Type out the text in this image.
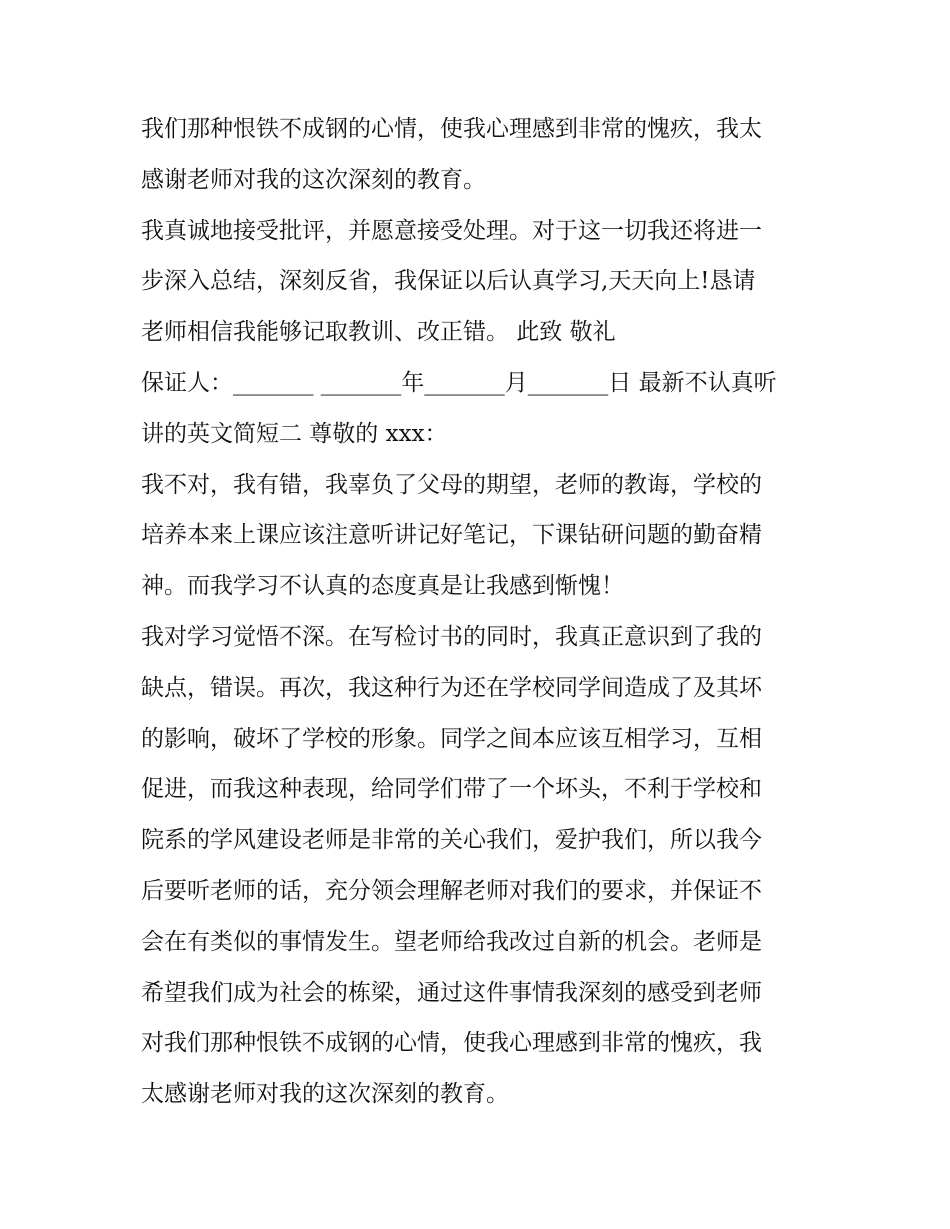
我们那种恨铁不成钢的心情，使我心理感到非常的愧疚，我太
感谢老师对我的这次深刻的教育。
我真诚地接受批评，并愿意接受处理。对于这一切我还将进一
步深入总结，深刻反省，我保证以后认真学习,天天向上!恳请
老师相信我能够记取教训、改正错。 此致 敬礼
保证人：_______ _______年_______月_______日 最新不认真听
讲的英文简短二 尊敬的 xxx：
我不对，我有错，我辜负了父母的期望，老师的教诲，学校的
培养本来上课应该注意听讲记好笔记，下课钻研问题的勤奋精
神。而我学习不认真的态度真是让我感到惭愧！
我对学习觉悟不深。在写检讨书的同时，我真正意识到了我的
缺点，错误。再次，我这种行为还在学校同学间造成了及其坏
的影响，破坏了学校的形象。同学之间本应该互相学习，互相
促进，而我这种表现，给同学们带了一个坏头，不利于学校和
院系的学风建设老师是非常的关心我们，爱护我们，所以我今
后要听老师的话，充分领会理解老师对我们的要求，并保证不
会在有类似的事情发生。望老师给我改过自新的机会。老师是
希望我们成为社会的栋梁，通过这件事情我深刻的感受到老师
对我们那种恨铁不成钢的心情，使我心理感到非常的愧疚，我
太感谢老师对我的这次深刻的教育。
